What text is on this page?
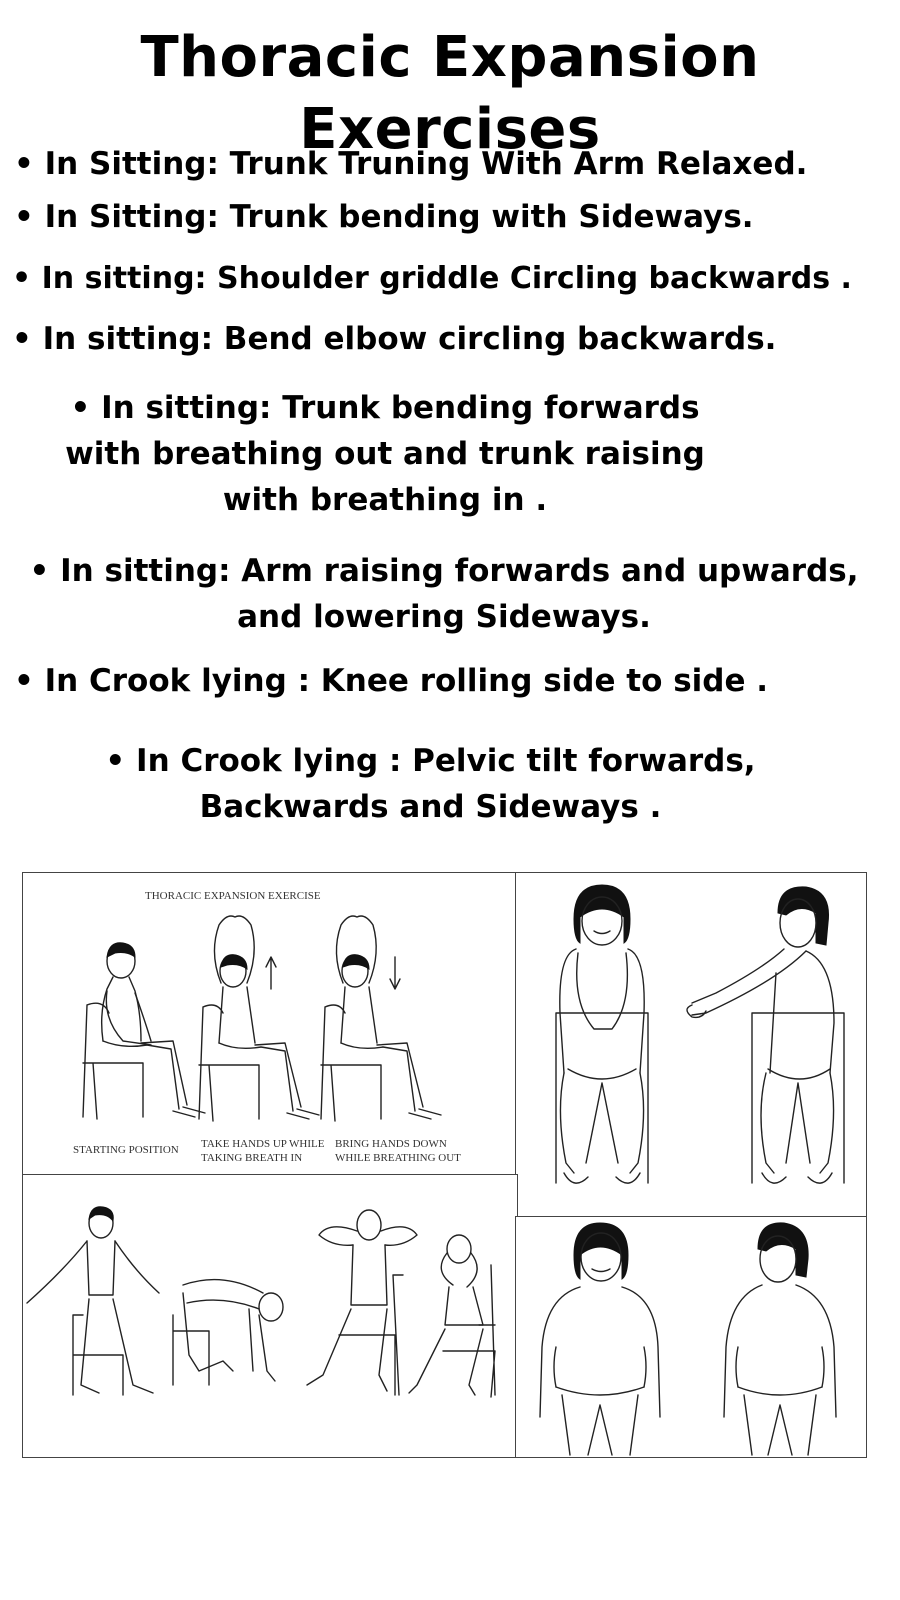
Thoracic Expansion Exercises

• In Sitting: Trunk Truning With Arm Relaxed.

• In Sitting: Trunk bending with Sideways.

• In sitting: Shoulder griddle Circling backwards .

• In sitting: Bend elbow circling backwards.

• In sitting: Trunk bending forwards with breathing out and trunk raising with breathing in .

• In sitting: Arm raising forwards and upwards, and lowering Sideways.

• In Crook lying : Knee rolling side to side .

• In Crook lying : Pelvic tilt forwards, Backwards and Sideways .

THORACIC EXPANSION EXERCISE
STARTING POSITION TAKE HANDS UP WHILE
TAKING BREATH IN
BRING HANDS DOWN
WHILE BREATHING OUT
